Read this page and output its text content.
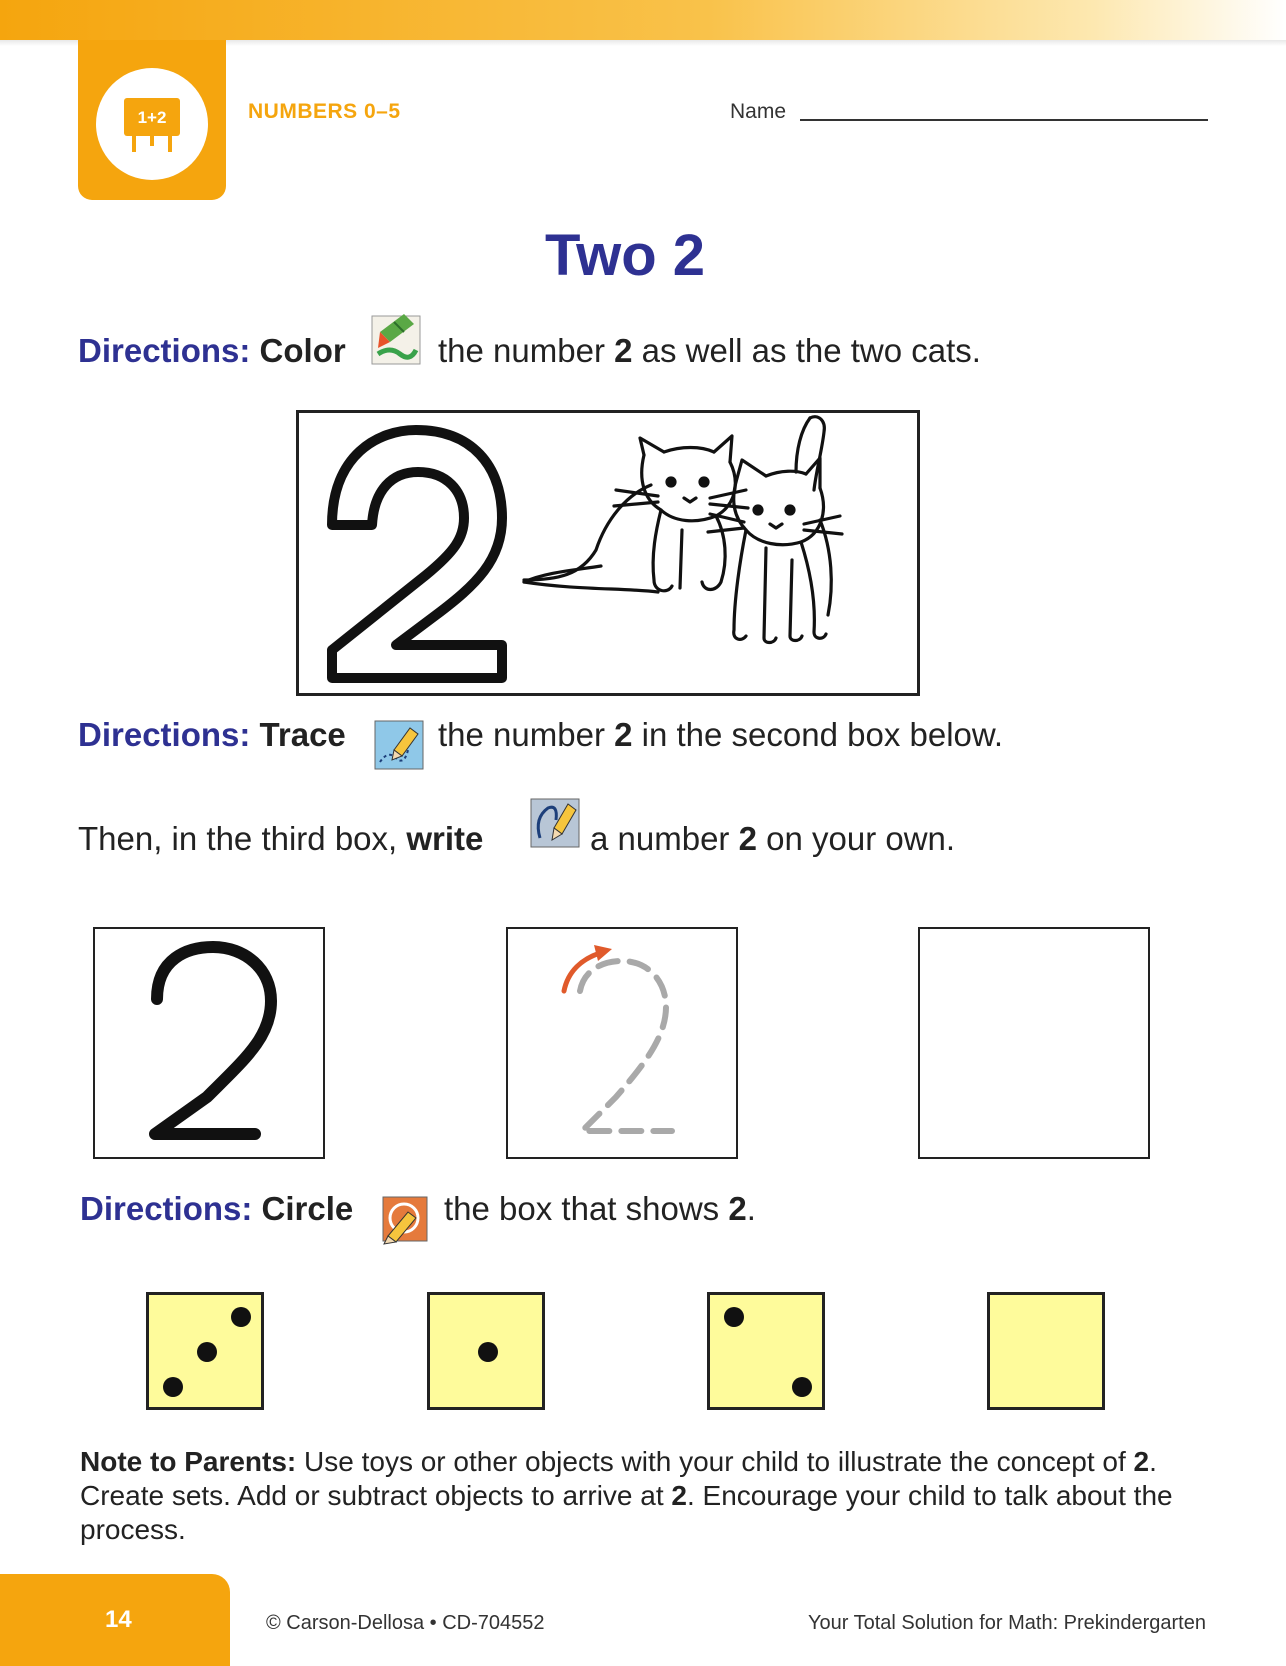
1+2	NUMBERS 0–5	Name
Two 2
Directions: Color	the number 2 as well as the two cats.
Directions: Trace	the number 2 in the second box below.
Then, in the third box, write	a number 2 on your own.
Directions: Circle	the box that shows 2.
Note to Parents: Use toys or other objects with your child to illustrate the concept of 2. Create sets. Add or subtract objects to arrive at 2. Encourage your child to talk about the process.
14	© Carson-Dellosa • CD-704552	Your Total Solution for Math: Prekindergarten
